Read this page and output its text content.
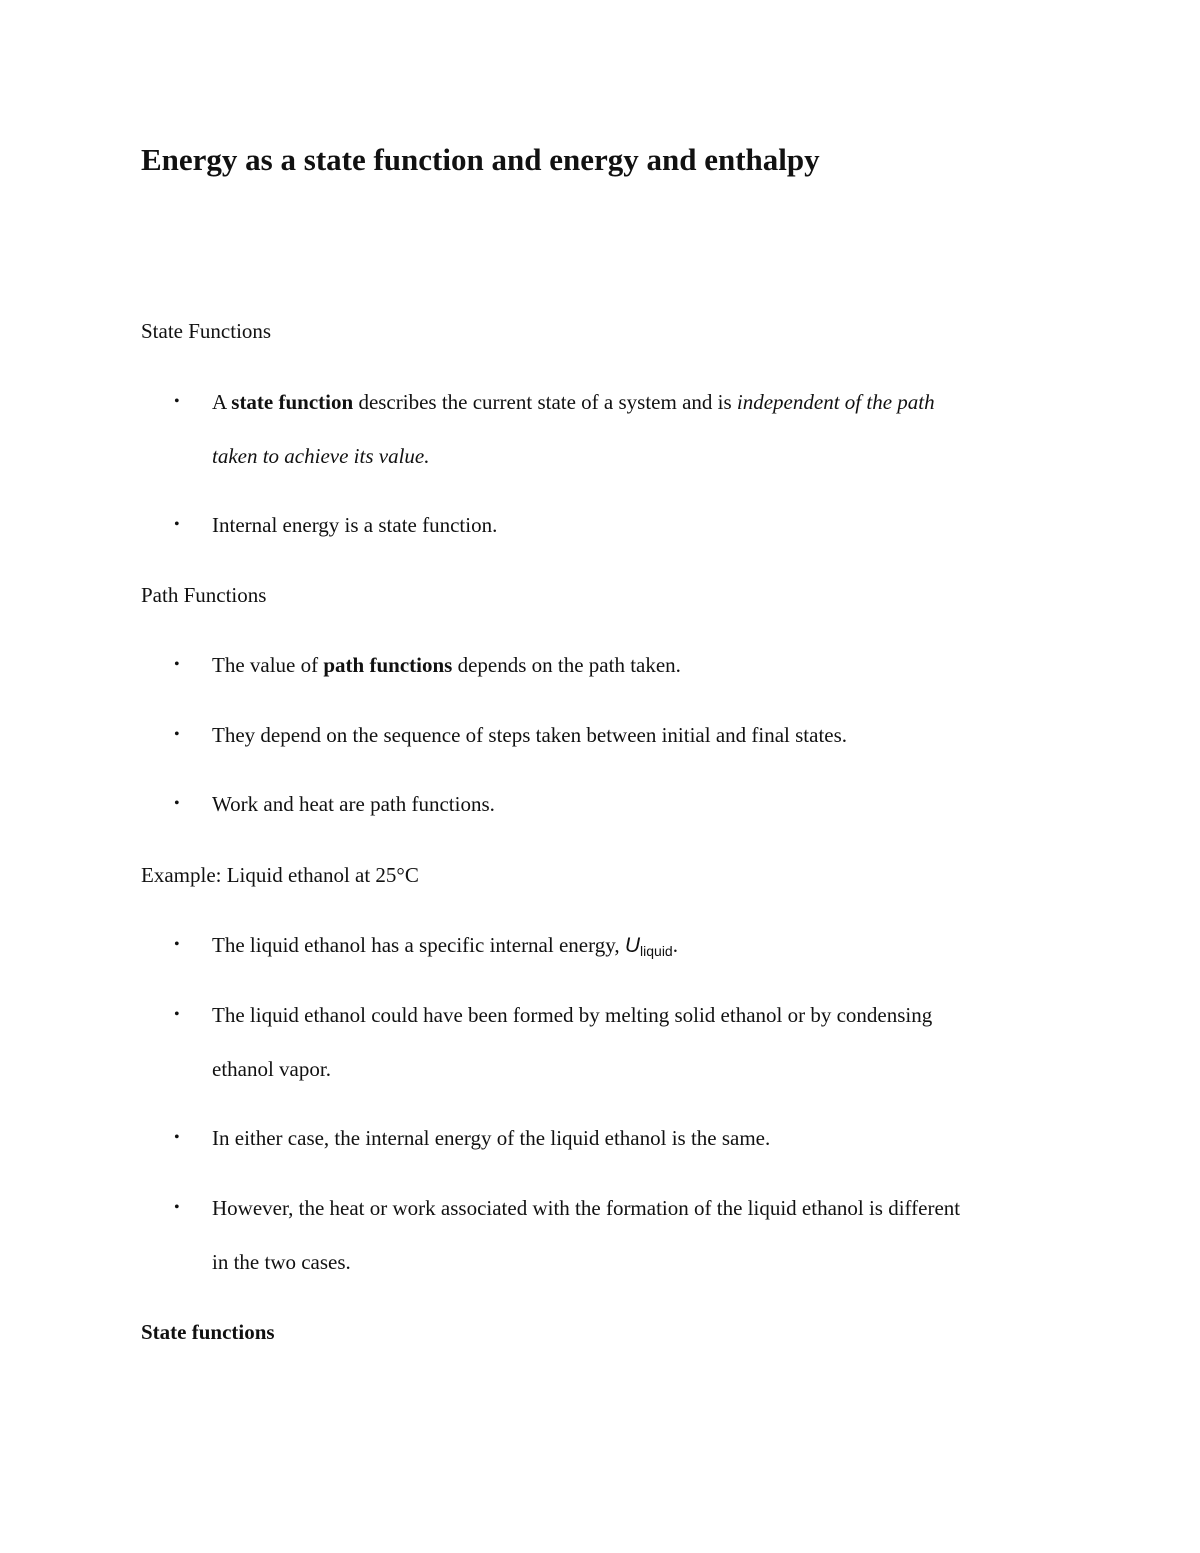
Energy as a state function and energy and enthalpy

State Functions

• A state function describes the current state of a system and is independent of the path
taken to achieve its value.
• Internal energy is a state function.

Path Functions

• The value of path functions depends on the path taken.
• They depend on the sequence of steps taken between initial and final states.
• Work and heat are path functions.

Example: Liquid ethanol at 25°C

• The liquid ethanol has a specific internal energy, $U_{liquid}$.
• The liquid ethanol could have been formed by melting solid ethanol or by condensing
ethanol vapor.
• In either case, the internal energy of the liquid ethanol is the same.
• However, the heat or work associated with the formation of the liquid ethanol is different
in the two cases.

State functions
